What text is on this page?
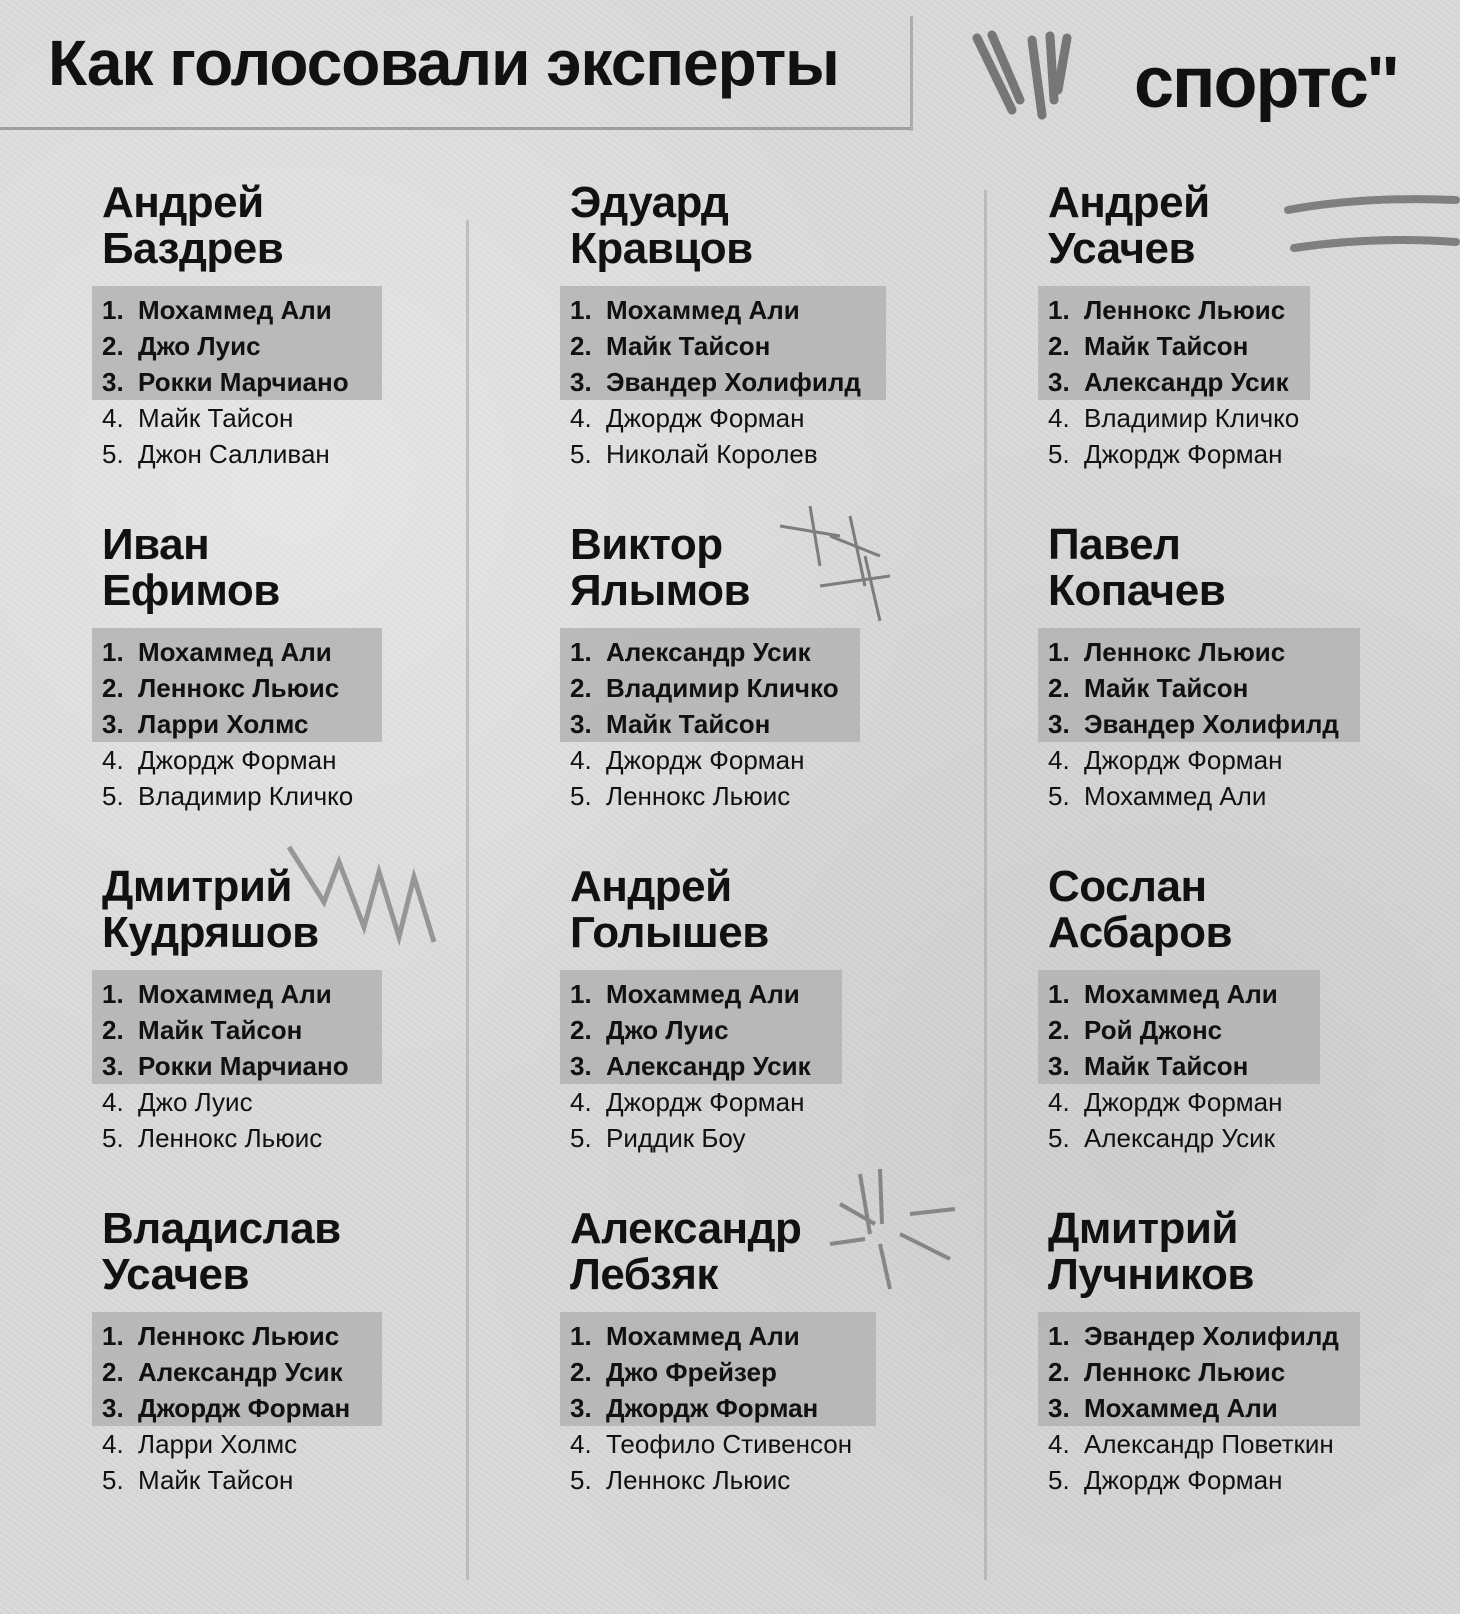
Как голосовали эксперты	спортс''
Андрей
Баздрев
1. Мохаммед Али
2. Джо Луис
3. Рокки Марчиано
4. Майк Тайсон
5. Джон Салливан
Эдуард
Кравцов
1. Мохаммед Али
2. Майк Тайсон
3. Эвандер Холифилд
4. Джордж Форман
5. Николай Королев
Андрей
Усачев
1. Леннокс Льюис
2. Майк Тайсон
3. Александр Усик
4. Владимир Кличко
5. Джордж Форман
Иван
Ефимов
1. Мохаммед Али
2. Леннокс Льюис
3. Ларри Холмс
4. Джордж Форман
5. Владимир Кличко
Виктор
Ялымов
1. Александр Усик
2. Владимир Кличко
3. Майк Тайсон
4. Джордж Форман
5. Леннокс Льюис
Павел
Копачев
1. Леннокс Льюис
2. Майк Тайсон
3. Эвандер Холифилд
4. Джордж Форман
5. Мохаммед Али
Дмитрий
Кудряшов
1. Мохаммед Али
2. Майк Тайсон
3. Рокки Марчиано
4. Джо Луис
5. Леннокс Льюис
Андрей
Голышев
1. Мохаммед Али
2. Джо Луис
3. Александр Усик
4. Джордж Форман
5. Риддик Боу
Сослан
Асбаров
1. Мохаммед Али
2. Рой Джонс
3. Майк Тайсон
4. Джордж Форман
5. Александр Усик
Владислав
Усачев
1. Леннокс Льюис
2. Александр Усик
3. Джордж Форман
4. Ларри Холмс
5. Майк Тайсон
Александр
Лебзяк
1. Мохаммед Али
2. Джо Фрейзер
3. Джордж Форман
4. Теофило Стивенсон
5. Леннокс Льюис
Дмитрий
Лучников
1. Эвандер Холифилд
2. Леннокс Льюис
3. Мохаммед Али
4. Александр Поветкин
5. Джордж Форман
